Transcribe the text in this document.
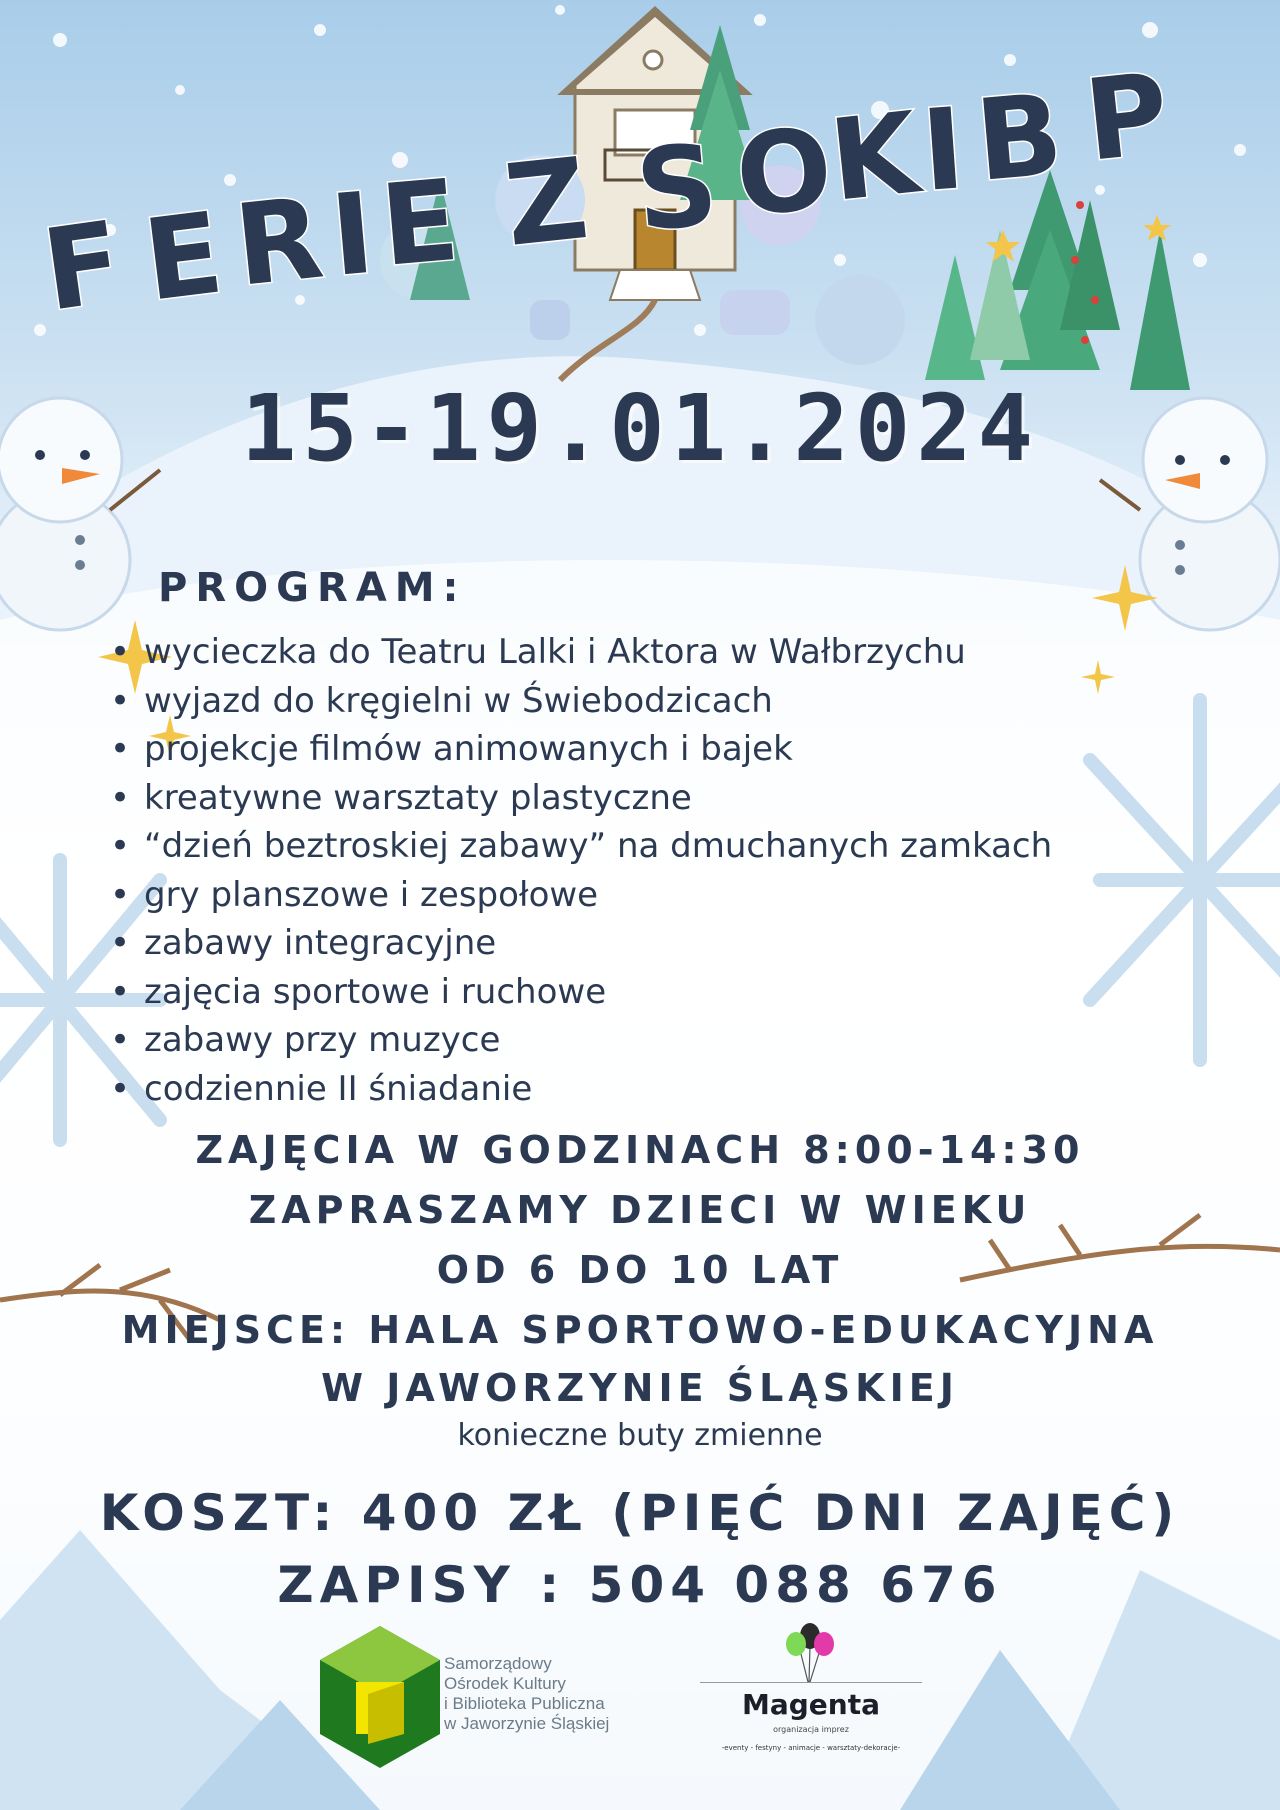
F E R
I
E Z S O
K
I B P
15-19.01.2024
PROGRAM:
• wycieczka do Teatru Lalki i Aktora w Wałbrzychu
• wyjazd do kręgielni w Świebodzicach
• projekcje filmów animowanych i bajek
• kreatywne warsztaty plastyczne
• “dzień beztroskiej zabawy” na dmuchanych zamkach
• gry planszowe i zespołowe
• zabawy integracyjne
• zajęcia sportowe i ruchowe
• zabawy przy muzyce
• codziennie II śniadanie
ZAJĘCIA W GODZINACH 8:00-14:30
ZAPRASZAMY DZIECI W WIEKU
OD 6 DO 10 LAT
MIEJSCE: HALA SPORTOWO-EDUKACYJNA
W JAWORZYNIE ŚLĄSKIEJ
konieczne buty zmienne
KOSZT: 400 ZŁ (PIĘĆ DNI ZAJĘĆ)
ZAPISY : 504 088 676
Samorządowy
Ośrodek Kultury
i Biblioteka Publiczna
w Jaworzynie Śląskiej
Magenta
organizacja imprez
-eventy - festyny - animacje - warsztaty-dekoracje-
